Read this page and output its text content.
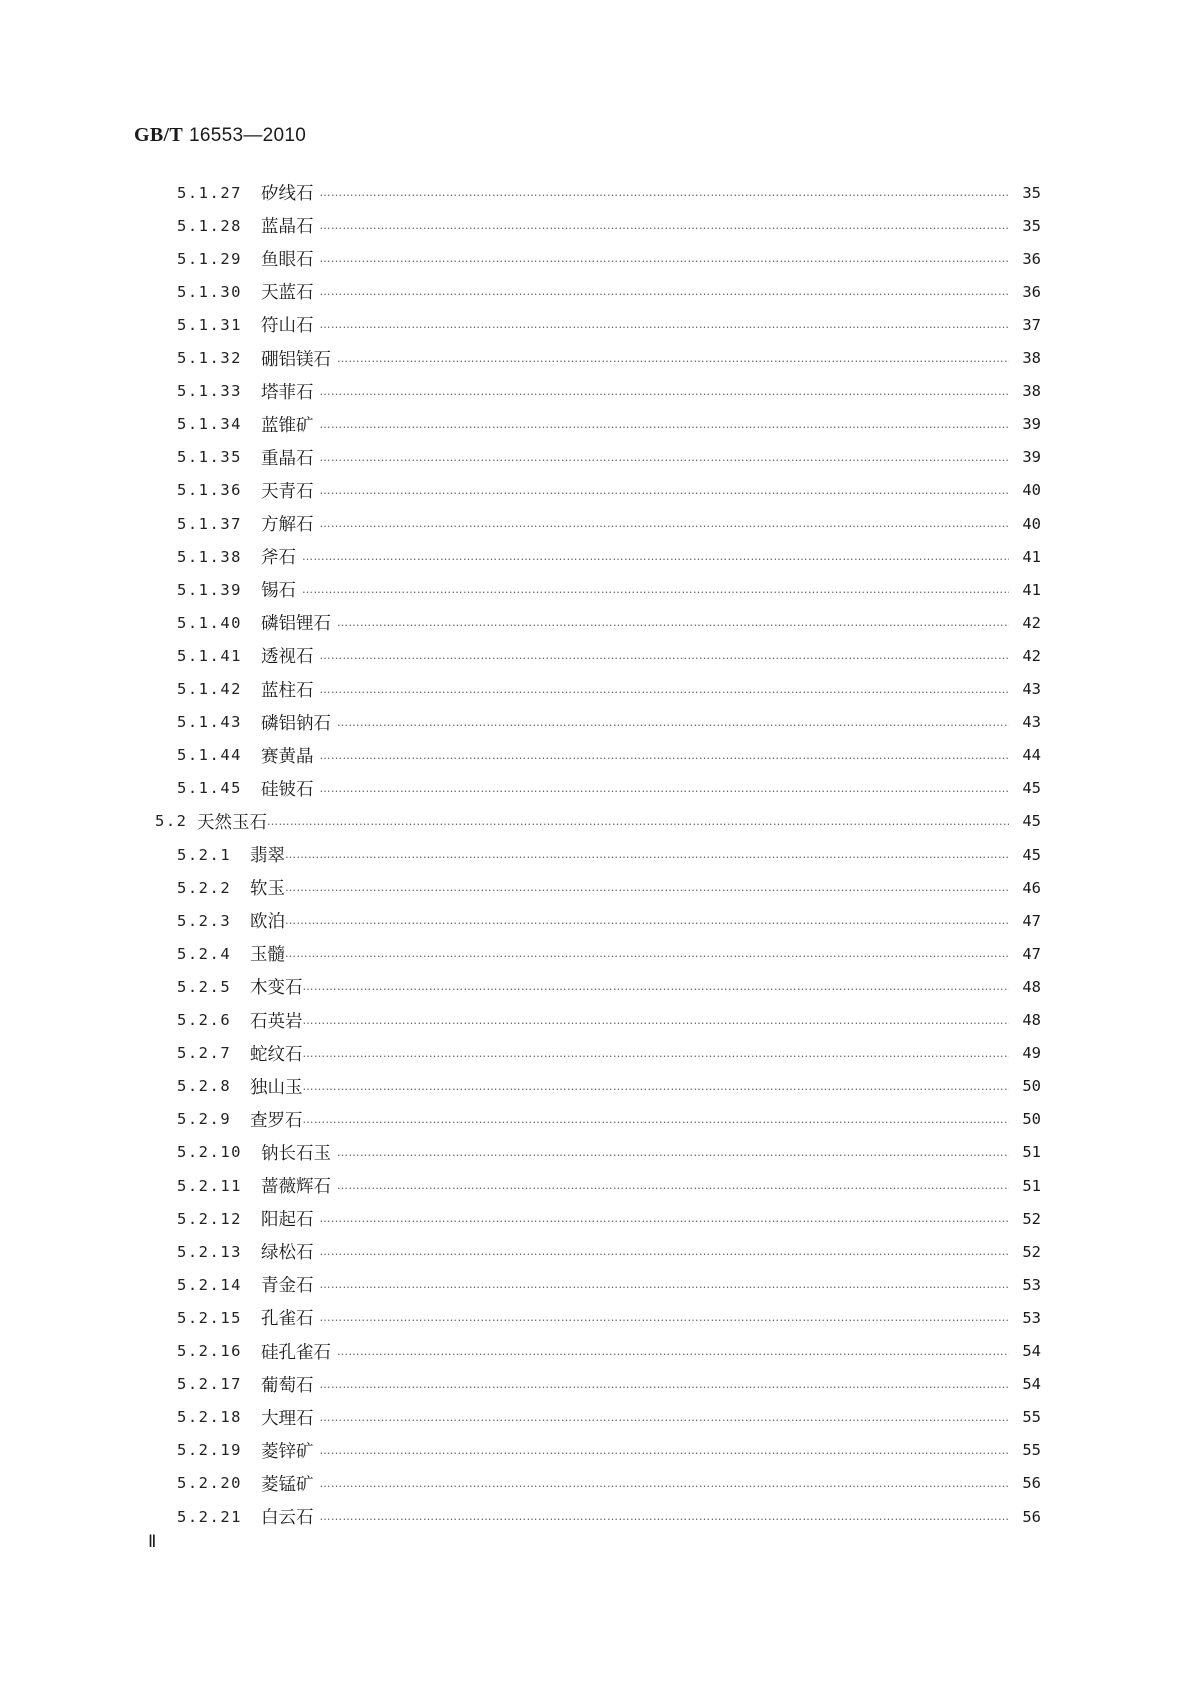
GB/T 16553—2010
5.1.27	矽线石 ……………………………………………………………………………………………………………………………………………………………………………………………………………………………………………………………………………………………………	35
5.1.28	蓝晶石 ……………………………………………………………………………………………………………………………………………………………………………………………………………………………………………………………………………………………………	35
5.1.29	鱼眼石 ……………………………………………………………………………………………………………………………………………………………………………………………………………………………………………………………………………………………………	36
5.1.30	天蓝石 ……………………………………………………………………………………………………………………………………………………………………………………………………………………………………………………………………………………………………	36
5.1.31	符山石 ……………………………………………………………………………………………………………………………………………………………………………………………………………………………………………………………………………………………………	37
5.1.32	硼铝镁石 ……………………………………………………………………………………………………………………………………………………………………………………………………………………………………………………………………………………………………	38
5.1.33	塔菲石 ……………………………………………………………………………………………………………………………………………………………………………………………………………………………………………………………………………………………………	38
5.1.34	蓝锥矿 ……………………………………………………………………………………………………………………………………………………………………………………………………………………………………………………………………………………………………	39
5.1.35	重晶石 ……………………………………………………………………………………………………………………………………………………………………………………………………………………………………………………………………………………………………	39
5.1.36	天青石 ……………………………………………………………………………………………………………………………………………………………………………………………………………………………………………………………………………………………………	40
5.1.37	方解石 ……………………………………………………………………………………………………………………………………………………………………………………………………………………………………………………………………………………………………	40
5.1.38	斧石 ……………………………………………………………………………………………………………………………………………………………………………………………………………………………………………………………………………………………………	41
5.1.39	锡石 ……………………………………………………………………………………………………………………………………………………………………………………………………………………………………………………………………………………………………	41
5.1.40	磷铝锂石 ……………………………………………………………………………………………………………………………………………………………………………………………………………………………………………………………………………………………………	42
5.1.41	透视石 ……………………………………………………………………………………………………………………………………………………………………………………………………………………………………………………………………………………………………	42
5.1.42	蓝柱石 ……………………………………………………………………………………………………………………………………………………………………………………………………………………………………………………………………………………………………	43
5.1.43	磷铝钠石 ……………………………………………………………………………………………………………………………………………………………………………………………………………………………………………………………………………………………………	43
5.1.44	赛黄晶 ……………………………………………………………………………………………………………………………………………………………………………………………………………………………………………………………………………………………………	44
5.1.45	硅铍石 ……………………………………………………………………………………………………………………………………………………………………………………………………………………………………………………………………………………………………	45
5.2 天然玉石 ……………………………………………………………………………………………………………………………………………………………………………………………………………………………………………………………………………………………………	45
5.2.1	翡翠 ……………………………………………………………………………………………………………………………………………………………………………………………………………………………………………………………………………………………………	45
5.2.2	软玉 ……………………………………………………………………………………………………………………………………………………………………………………………………………………………………………………………………………………………………	46
5.2.3	欧泊 ……………………………………………………………………………………………………………………………………………………………………………………………………………………………………………………………………………………………………	47
5.2.4	玉髓 ……………………………………………………………………………………………………………………………………………………………………………………………………………………………………………………………………………………………………	47
5.2.5	木变石 ……………………………………………………………………………………………………………………………………………………………………………………………………………………………………………………………………………………………………	48
5.2.6	石英岩 ……………………………………………………………………………………………………………………………………………………………………………………………………………………………………………………………………………………………………	48
5.2.7	蛇纹石 ……………………………………………………………………………………………………………………………………………………………………………………………………………………………………………………………………………………………………	49
5.2.8	独山玉 ……………………………………………………………………………………………………………………………………………………………………………………………………………………………………………………………………………………………………	50
5.2.9	查罗石 ……………………………………………………………………………………………………………………………………………………………………………………………………………………………………………………………………………………………………	50
5.2.10	钠长石玉 ……………………………………………………………………………………………………………………………………………………………………………………………………………………………………………………………………………………………………	51
5.2.11	蔷薇辉石 ……………………………………………………………………………………………………………………………………………………………………………………………………………………………………………………………………………………………………	51
5.2.12	阳起石 ……………………………………………………………………………………………………………………………………………………………………………………………………………………………………………………………………………………………………	52
5.2.13	绿松石 ……………………………………………………………………………………………………………………………………………………………………………………………………………………………………………………………………………………………………	52
5.2.14	青金石 ……………………………………………………………………………………………………………………………………………………………………………………………………………………………………………………………………………………………………	53
5.2.15	孔雀石 ……………………………………………………………………………………………………………………………………………………………………………………………………………………………………………………………………………………………………	53
5.2.16	硅孔雀石 ……………………………………………………………………………………………………………………………………………………………………………………………………………………………………………………………………………………………………	54
5.2.17	葡萄石 ……………………………………………………………………………………………………………………………………………………………………………………………………………………………………………………………………………………………………	54
5.2.18	大理石 ……………………………………………………………………………………………………………………………………………………………………………………………………………………………………………………………………………………………………	55
5.2.19	菱锌矿 ……………………………………………………………………………………………………………………………………………………………………………………………………………………………………………………………………………………………………	55
5.2.20	菱锰矿 ……………………………………………………………………………………………………………………………………………………………………………………………………………………………………………………………………………………………………	56
5.2.21	白云石 ……………………………………………………………………………………………………………………………………………………………………………………………………………………………………………………………………………………………………	56
Ⅱ
